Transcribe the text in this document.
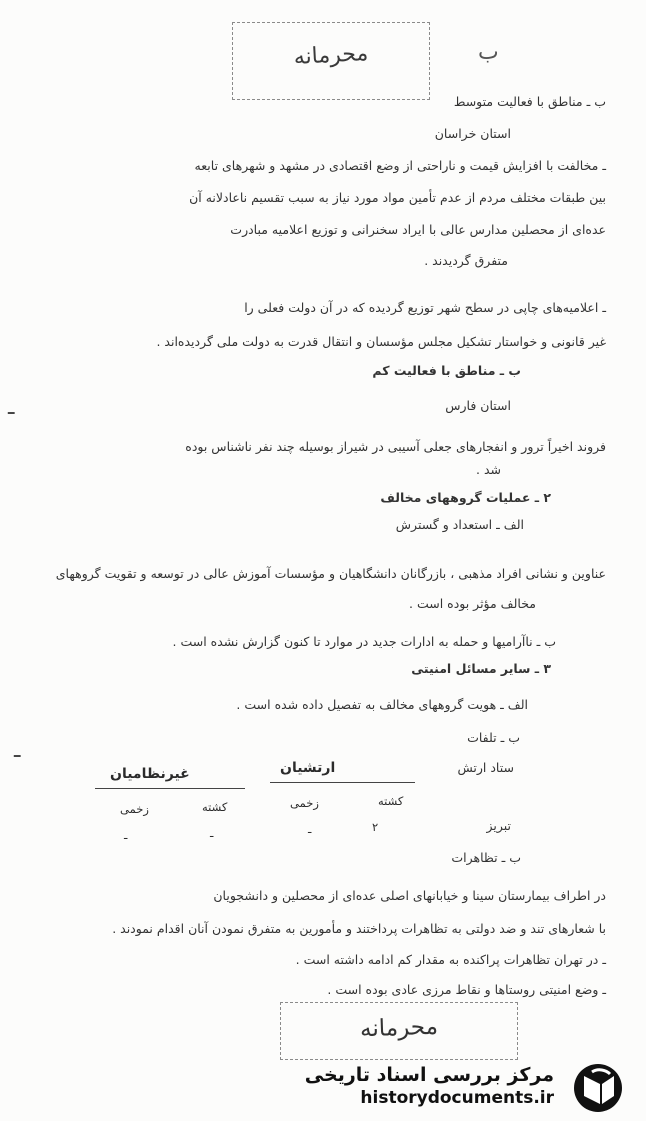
محرمانه	ب
ب ـ مناطق با فعالیت متوسط
استان خراسان
ـ مخالفت با افزایش قیمت و ناراحتی از وضع اقتصادی در مشهد و شهرهای تابعه
بین طبقات مختلف مردم از عدم تأمین مواد مورد نیاز به سبب تقسیم ناعادلانه آن
عده‌ای از محصلین مدارس عالی با ایراد سخنرانی و توزیع اعلامیه مبادرت
متفرق گردیدند .
ـ اعلامیه‌های چاپی در سطح شهر توزیع گردیده که در آن دولت فعلی را
غیر قانونی و خواستار تشکیل مجلس مؤسسان و انتقال قدرت به دولت ملی گردیده‌اند .
ب ـ مناطق با فعالیت کم
استان فارس
فروند اخیراً ترور و انفجارهای جعلی آسیبی در شیراز بوسیله چند نفر ناشناس بوده
شد .
۲ ـ عملیات گروههای مخالف
الف ـ استعداد و گسترش
عناوین و نشانی افراد مذهبی ، بازرگانان دانشگاهیان و مؤسسات آموزش عالی در توسعه و تقویت گروههای
مخالف مؤثر بوده است .
ب ـ ناآرامیها و حمله به ادارات جدید در موارد تا کنون گزارش نشده است .
۳ ـ سایر مسائل امنیتی
الف ـ هویت گروههای مخالف به تفصیل داده شده است .
ب ـ تلفات
ستاد ارتش
ارتشیان
غیرنظامیان
کشته
زخمی
کشته
زخمی
۲
ـ
ـ
ـ
تبریز
ب ـ تظاهرات
در اطراف بیمارستان سینا و خیابانهای اصلی عده‌ای از محصلین و دانشجویان
با شعارهای تند و ضد دولتی به تظاهرات پرداختند و مأمورین به متفرق نمودن آنان اقدام نمودند .
ـ در تهران تظاهرات پراکنده به مقدار کم ادامه داشته است .
ـ وضع امنیتی روستاها و نقاط مرزی عادی بوده است .
ـ
ـ
محرمانه
مرکز بررسی اسناد تاریخی
historydocuments.ir
